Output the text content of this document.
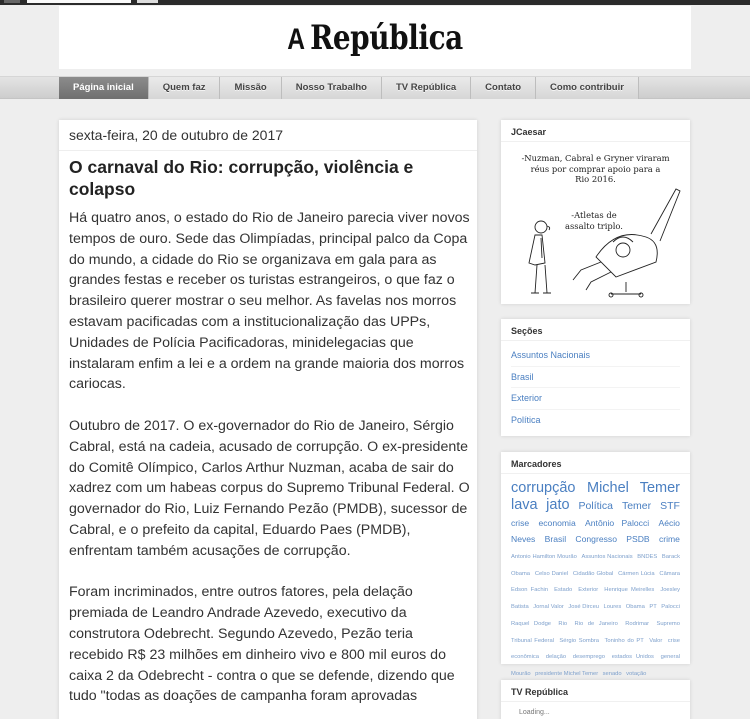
A República
Página inicial	Quem faz	Missão	Nosso Trabalho	TV República	Contato	Como contribuir
sexta-feira, 20 de outubro de 2017
O carnaval do Rio: corrupção, violência e colapso

Há quatro anos, o estado do Rio de Janeiro parecia viver novos tempos de ouro. Sede das Olimpíadas, principal palco da Copa do mundo, a cidade do Rio se organizava em gala para as grandes festas e receber os turistas estrangeiros, o que faz o brasileiro querer mostrar o seu melhor. As favelas nos morros estavam pacificadas com a institucionalização das UPPs, Unidades de Polícia Pacificadoras, minidelegacias que instalaram enfim a lei e a ordem na grande maioria dos morros cariocas.

Outubro de 2017. O ex-governador do Rio de Janeiro, Sérgio Cabral, está na cadeia, acusado de corrupção. O ex-presidente do Comitê Olímpico, Carlos Arthur Nuzman, acaba de sair do xadrez com um habeas corpus do Supremo Tribunal Federal. O governador do Rio, Luiz Fernando Pezão (PMDB), sucessor de Cabral, e o prefeito da capital, Eduardo Paes (PMDB), enfrentam também acusações de corrupção.

Foram incriminados, entre outros fatores, pela delação premiada de Leandro Andrade Azevedo, executivo da construtora Odebrecht. Segundo Azevedo, Pezão teria recebido R$ 23 milhões em dinheiro vivo e 800 mil euros do caixa 2 da Odebrecht - contra o que se defende, dizendo que tudo "todas as doações de campanha foram aprovadas

JCaesar
-Nuzman, Cabral e Gryner viraram
réus por comprar apoio para a
Rio 2016.
-Atletas de
assalto triplo.
Seções
Assuntos Nacionais
Brasil
Exterior
Política
Marcadores
corrupção Michel Temer lava jato Política Temer STF crise economia Antônio Palocci Aécio Neves Brasil Congresso PSDB crime Antonio Hamilton Mourão Assuntos Nacionais BNDES Barack Obama Celso Daniel Cidadão Global Cármen Lúcia Câmara Edson Fachin Estado Exterior Henrique Meirelles Joesley Batista Jornal Valor José Dirceu Loures Obama PT Palocci Raquel Dodge Rio Rio de Janeiro Rodrimar Supremo Tribunal Federal Sérgio Sombra Toninho do PT Valor crise econômica delação desemprego estados Unidos general Mourão presidente Michel Temer senado votação
TV República
Loading...
